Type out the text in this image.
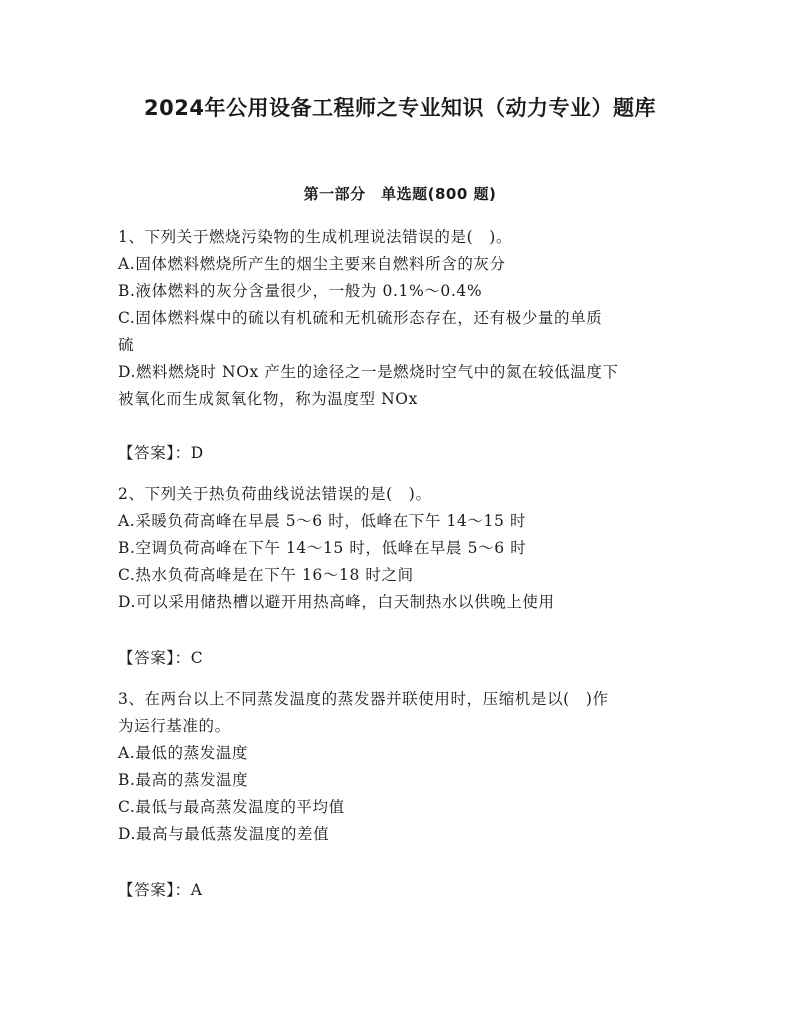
2024年公用设备工程师之专业知识（动力专业）题库
第一部分　单选题(800 题)
1、下列关于燃烧污染物的生成机理说法错误的是(　)。
A.固体燃料燃烧所产生的烟尘主要来自燃料所含的灰分
B.液体燃料的灰分含量很少，一般为 0.1%～0.4%
C.固体燃料煤中的硫以有机硫和无机硫形态存在，还有极少量的单质
硫
D.燃料燃烧时 NOx 产生的途径之一是燃烧时空气中的氮在较低温度下
被氧化而生成氮氧化物，称为温度型 NOx
【答案】：D
2、下列关于热负荷曲线说法错误的是(　)。
A.采暖负荷高峰在早晨 5～6 时，低峰在下午 14～15 时
B.空调负荷高峰在下午 14～15 时，低峰在早晨 5～6 时
C.热水负荷高峰是在下午 16～18 时之间
D.可以采用储热槽以避开用热高峰，白天制热水以供晚上使用
【答案】：C
3、在两台以上不同蒸发温度的蒸发器并联使用时，压缩机是以(　)作
为运行基准的。
A.最低的蒸发温度
B.最高的蒸发温度
C.最低与最高蒸发温度的平均值
D.最高与最低蒸发温度的差值
【答案】：A
